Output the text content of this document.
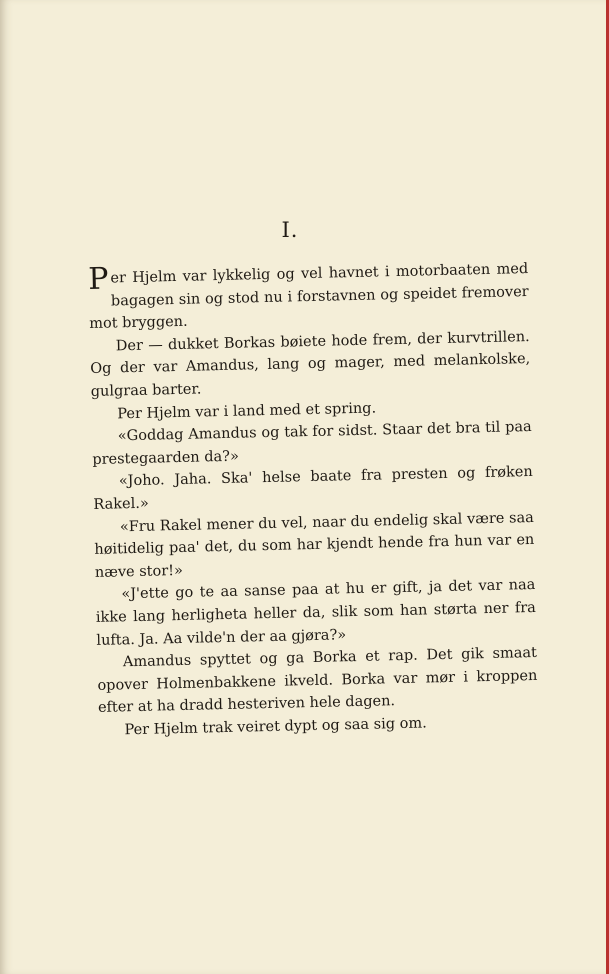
I.

Per Hjelm var lykkelig og vel havnet i motorbaaten med bagagen sin og stod nu i forstavnen og speidet fremover mot bryggen.

Der — dukket Borkas bøiete hode frem, der kurvtrillen. Og der var Amandus, lang og mager, med melankolske, gulgraa barter.

Per Hjelm var i land med et spring.

«Goddag Amandus og tak for sidst. Staar det bra til paa prestegaarden da?»

«Joho. Jaha. Ska' helse baate fra presten og frøken Rakel.»

«Fru Rakel mener du vel, naar du endelig skal være saa høitidelig paa' det, du som har kjendt hende fra hun var en næve stor!»

«J'ette go te aa sanse paa at hu er gift, ja det var naa ikke lang herligheta heller da, slik som han størta ner fra lufta. Ja. Aa vilde'n der aa gjøra?»

Amandus spyttet og ga Borka et rap. Det gik smaat opover Holmenbakkene ikveld. Borka var mør i kroppen efter at ha dradd hesteriven hele dagen.

Per Hjelm trak veiret dypt og saa sig om.
